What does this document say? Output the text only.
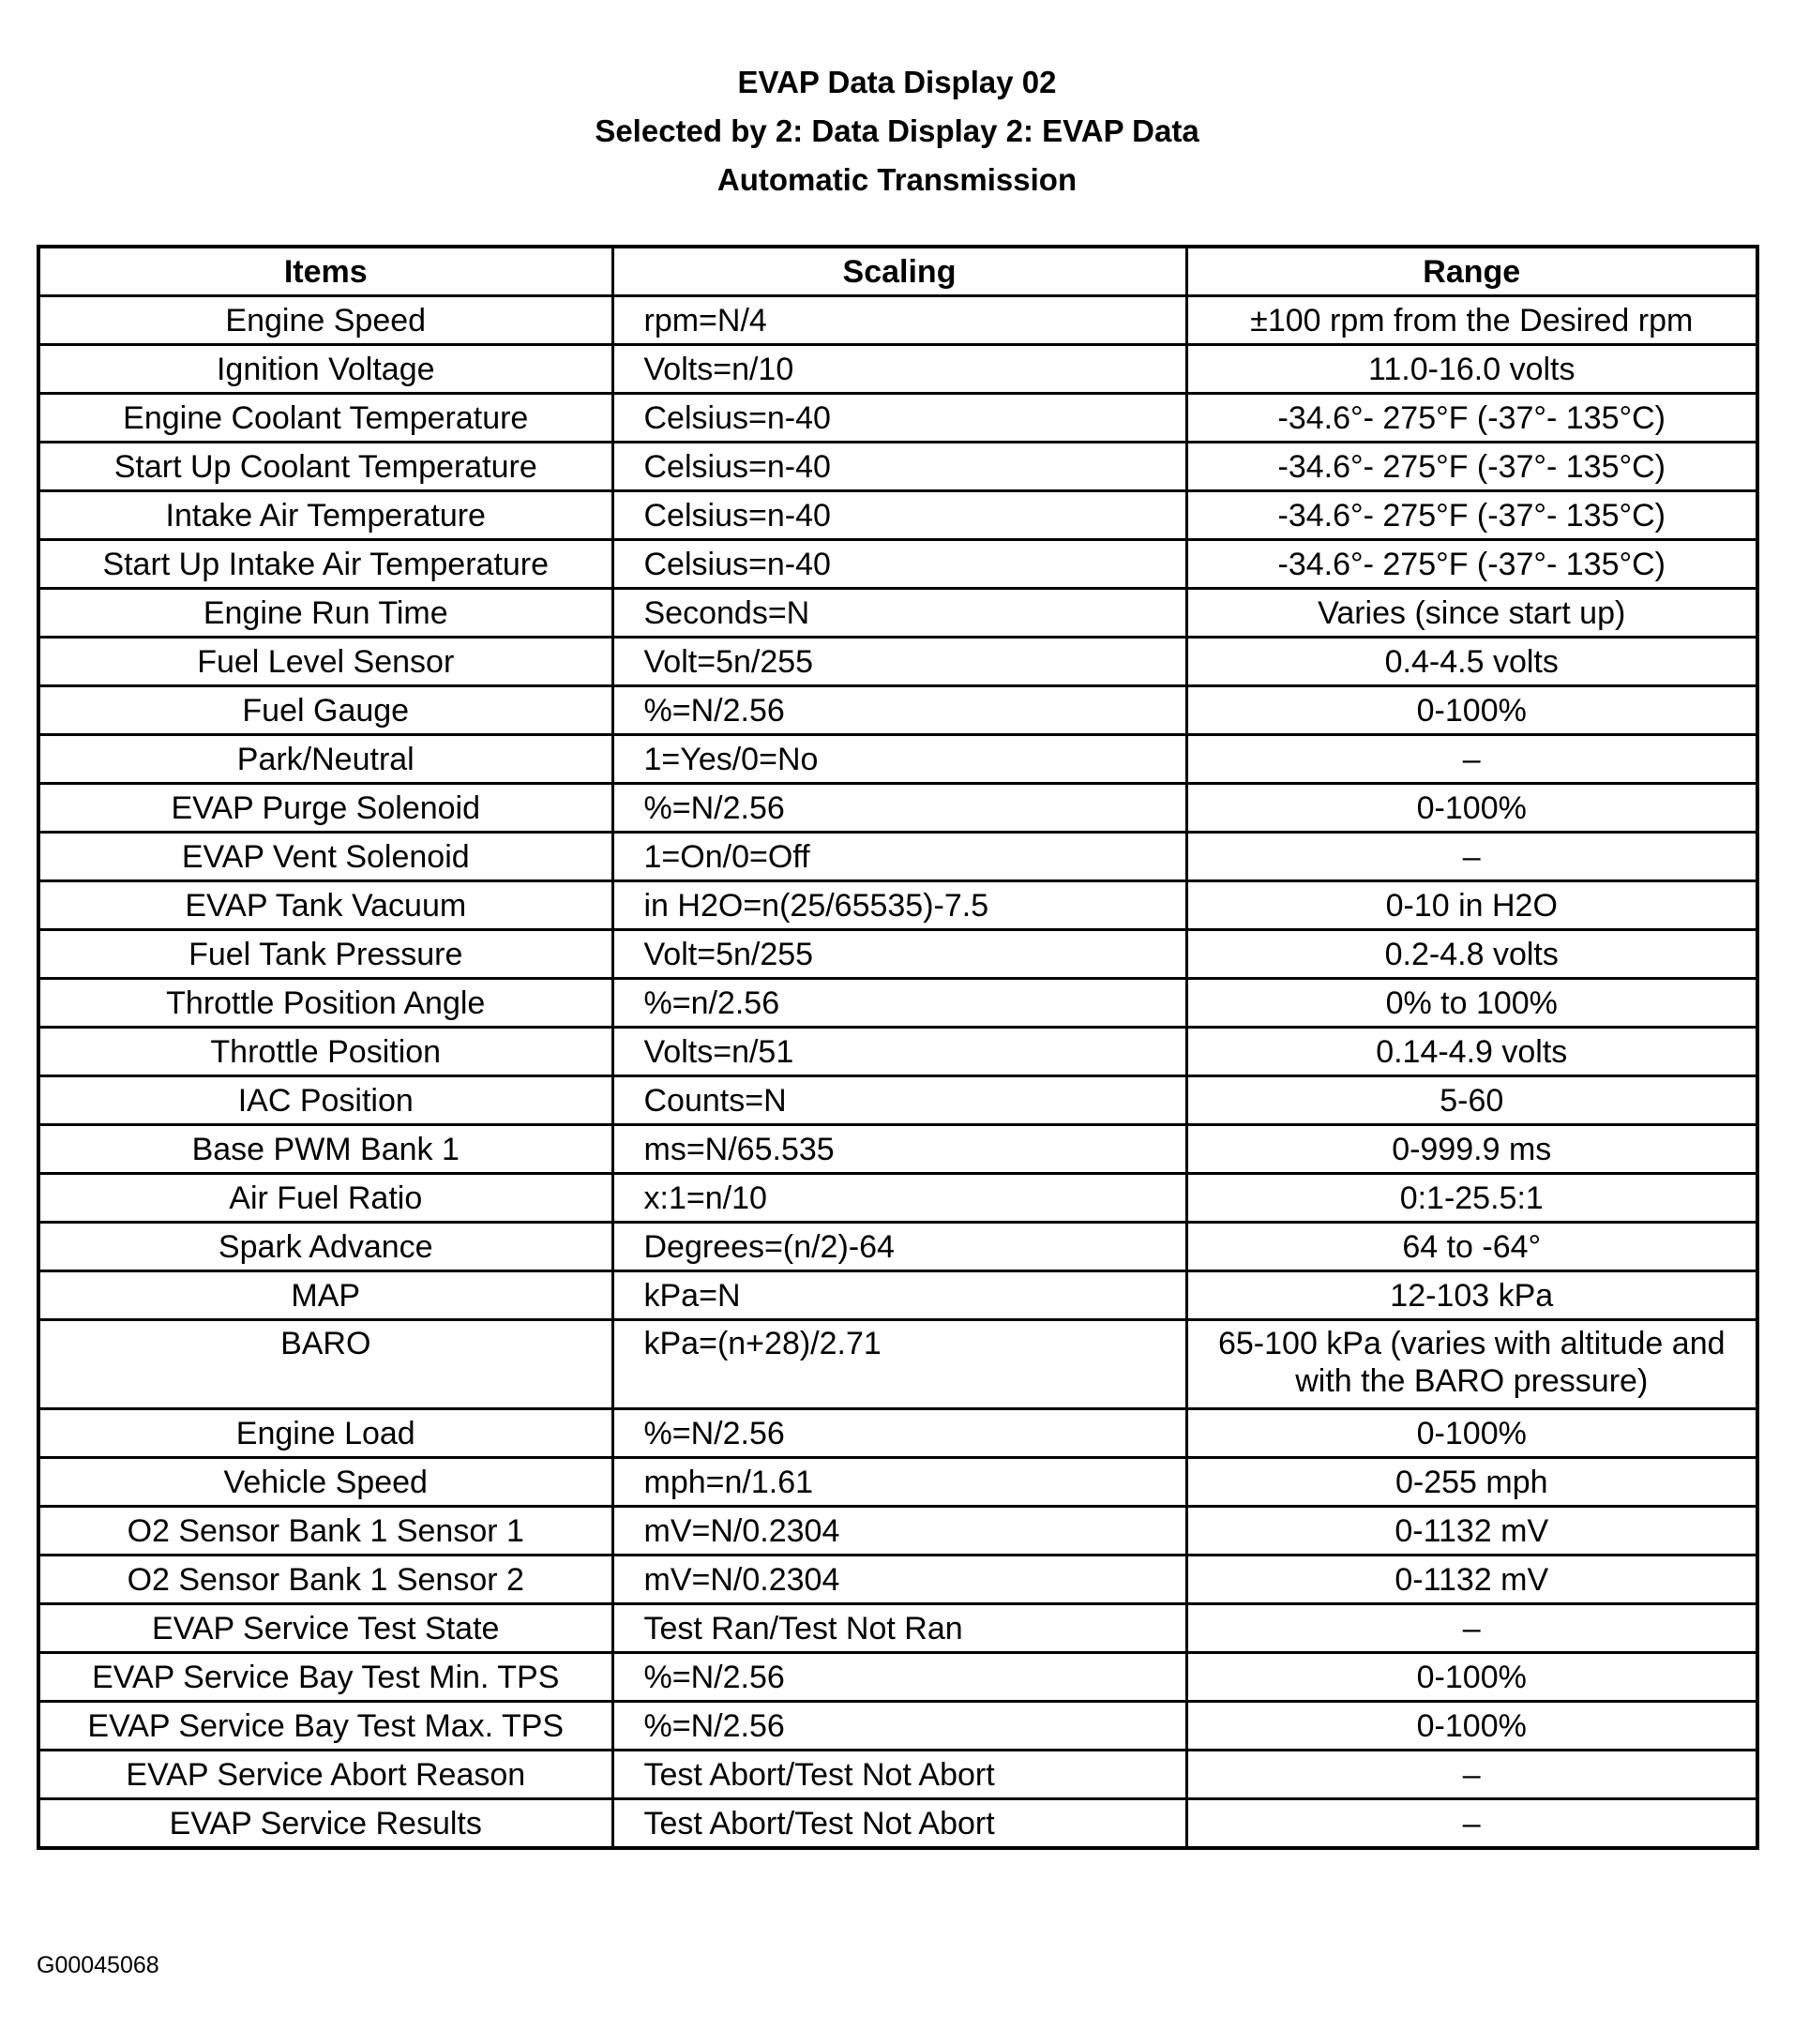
EVAP Data Display 02
Selected by 2: Data Display 2: EVAP Data
Automatic Transmission
Items	Scaling	Range
Engine Speed	rpm=N/4	±100 rpm from the Desired rpm
Ignition Voltage	Volts=n/10	11.0-16.0 volts
Engine Coolant Temperature	Celsius=n-40	-34.6°- 275°F (-37°- 135°C)
Start Up Coolant Temperature	Celsius=n-40	-34.6°- 275°F (-37°- 135°C)
Intake Air Temperature	Celsius=n-40	-34.6°- 275°F (-37°- 135°C)
Start Up Intake Air Temperature	Celsius=n-40	-34.6°- 275°F (-37°- 135°C)
Engine Run Time	Seconds=N	Varies (since start up)
Fuel Level Sensor	Volt=5n/255	0.4-4.5 volts
Fuel Gauge	%=N/2.56	0-100%
Park/Neutral	1=Yes/0=No	–
EVAP Purge Solenoid	%=N/2.56	0-100%
EVAP Vent Solenoid	1=On/0=Off	–
EVAP Tank Vacuum	in H2O=n(25/65535)-7.5	0-10 in H2O
Fuel Tank Pressure	Volt=5n/255	0.2-4.8 volts
Throttle Position Angle	%=n/2.56	0% to 100%
Throttle Position	Volts=n/51	0.14-4.9 volts
IAC Position	Counts=N	5-60
Base PWM Bank 1	ms=N/65.535	0-999.9 ms
Air Fuel Ratio	x:1=n/10	0:1-25.5:1
Spark Advance	Degrees=(n/2)-64	64 to -64°
MAP	kPa=N	12-103 kPa
BARO	kPa=(n+28)/2.71	65-100 kPa (varies with altitude and with the BARO pressure)
Engine Load	%=N/2.56	0-100%
Vehicle Speed	mph=n/1.61	0-255 mph
O2 Sensor Bank 1 Sensor 1	mV=N/0.2304	0-1132 mV
O2 Sensor Bank 1 Sensor 2	mV=N/0.2304	0-1132 mV
EVAP Service Test State	Test Ran/Test Not Ran	–
EVAP Service Bay Test Min. TPS	%=N/2.56	0-100%
EVAP Service Bay Test Max. TPS	%=N/2.56	0-100%
EVAP Service Abort Reason	Test Abort/Test Not Abort	–
EVAP Service Results	Test Abort/Test Not Abort	–
G00045068
